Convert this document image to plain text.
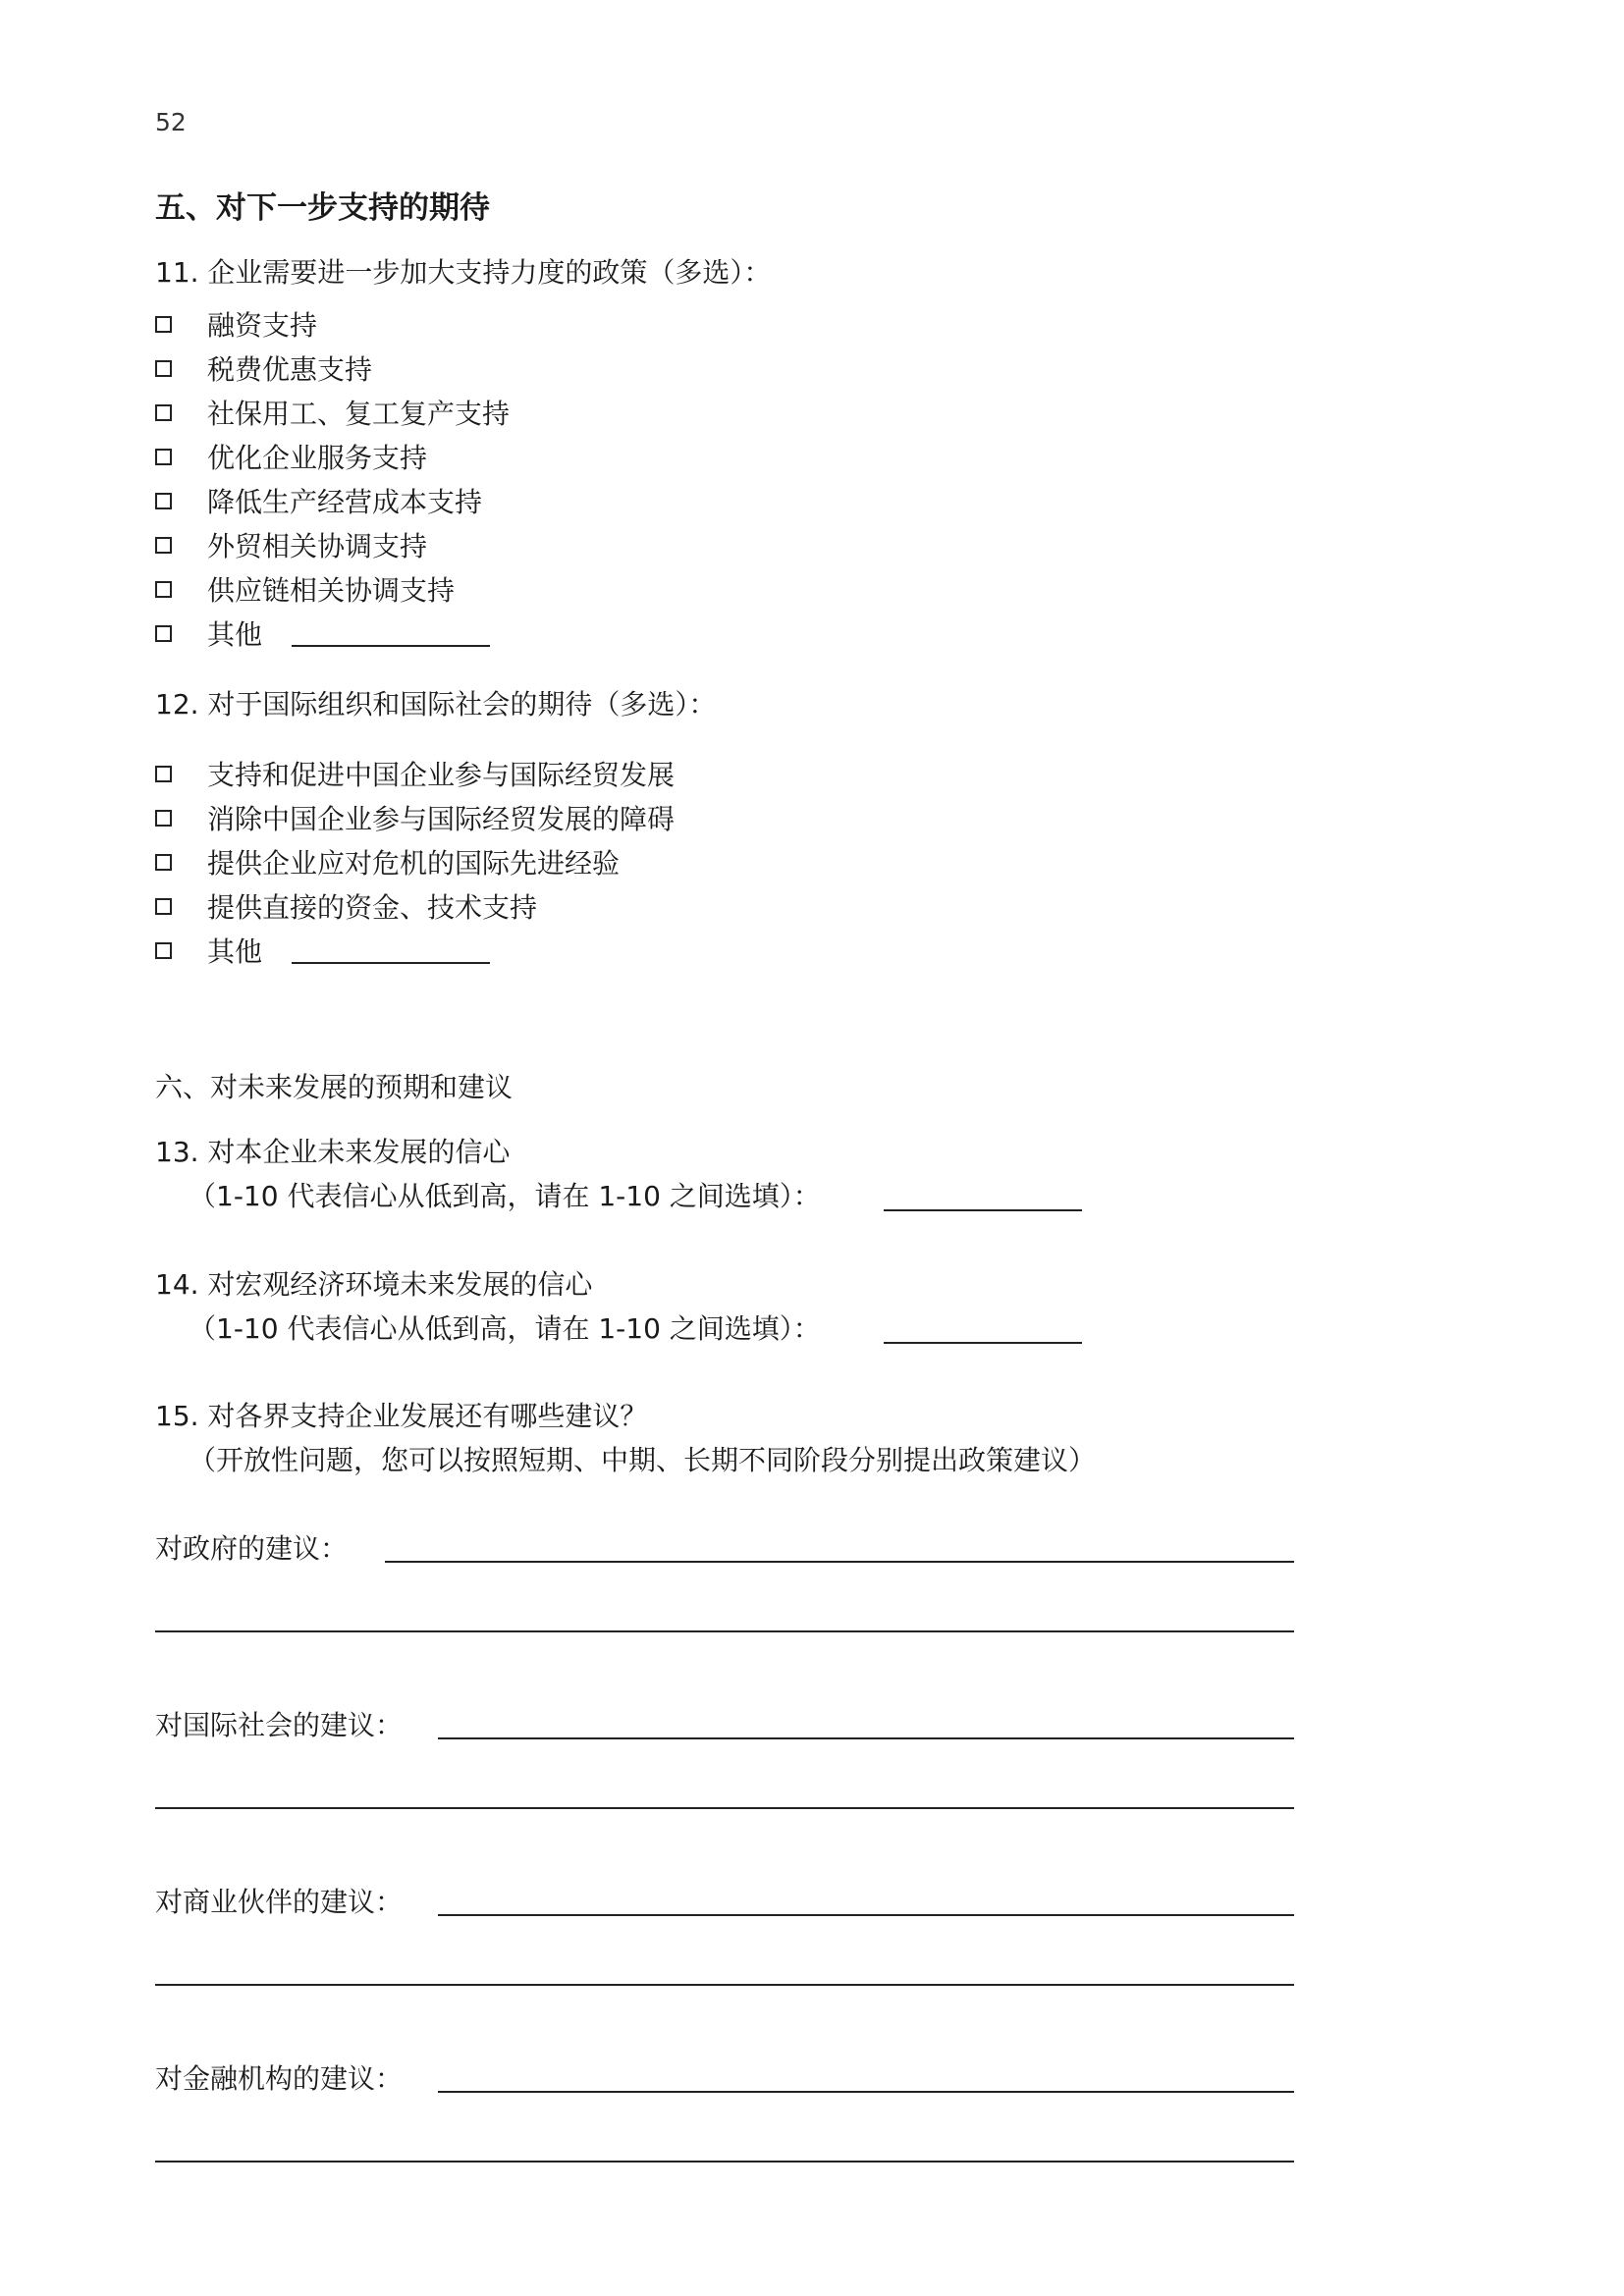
52
五、对下一步支持的期待
11. 企业需要进一步加大支持力度的政策（多选）：
融资支持
税费优惠支持
社保用工、复工复产支持
优化企业服务支持
降低生产经营成本支持
外贸相关协调支持
供应链相关协调支持
其他
12. 对于国际组织和国际社会的期待（多选）：
支持和促进中国企业参与国际经贸发展
消除中国企业参与国际经贸发展的障碍
提供企业应对危机的国际先进经验
提供直接的资金、技术支持
其他
六、对未来发展的预期和建议
13. 对本企业未来发展的信心
（1-10 代表信心从低到高，请在 1-10 之间选填）：
14. 对宏观经济环境未来发展的信心
（1-10 代表信心从低到高，请在 1-10 之间选填）：
15. 对各界支持企业发展还有哪些建议？
（开放性问题，您可以按照短期、中期、长期不同阶段分别提出政策建议）
对政府的建议：
对国际社会的建议：
对商业伙伴的建议：
对金融机构的建议：
